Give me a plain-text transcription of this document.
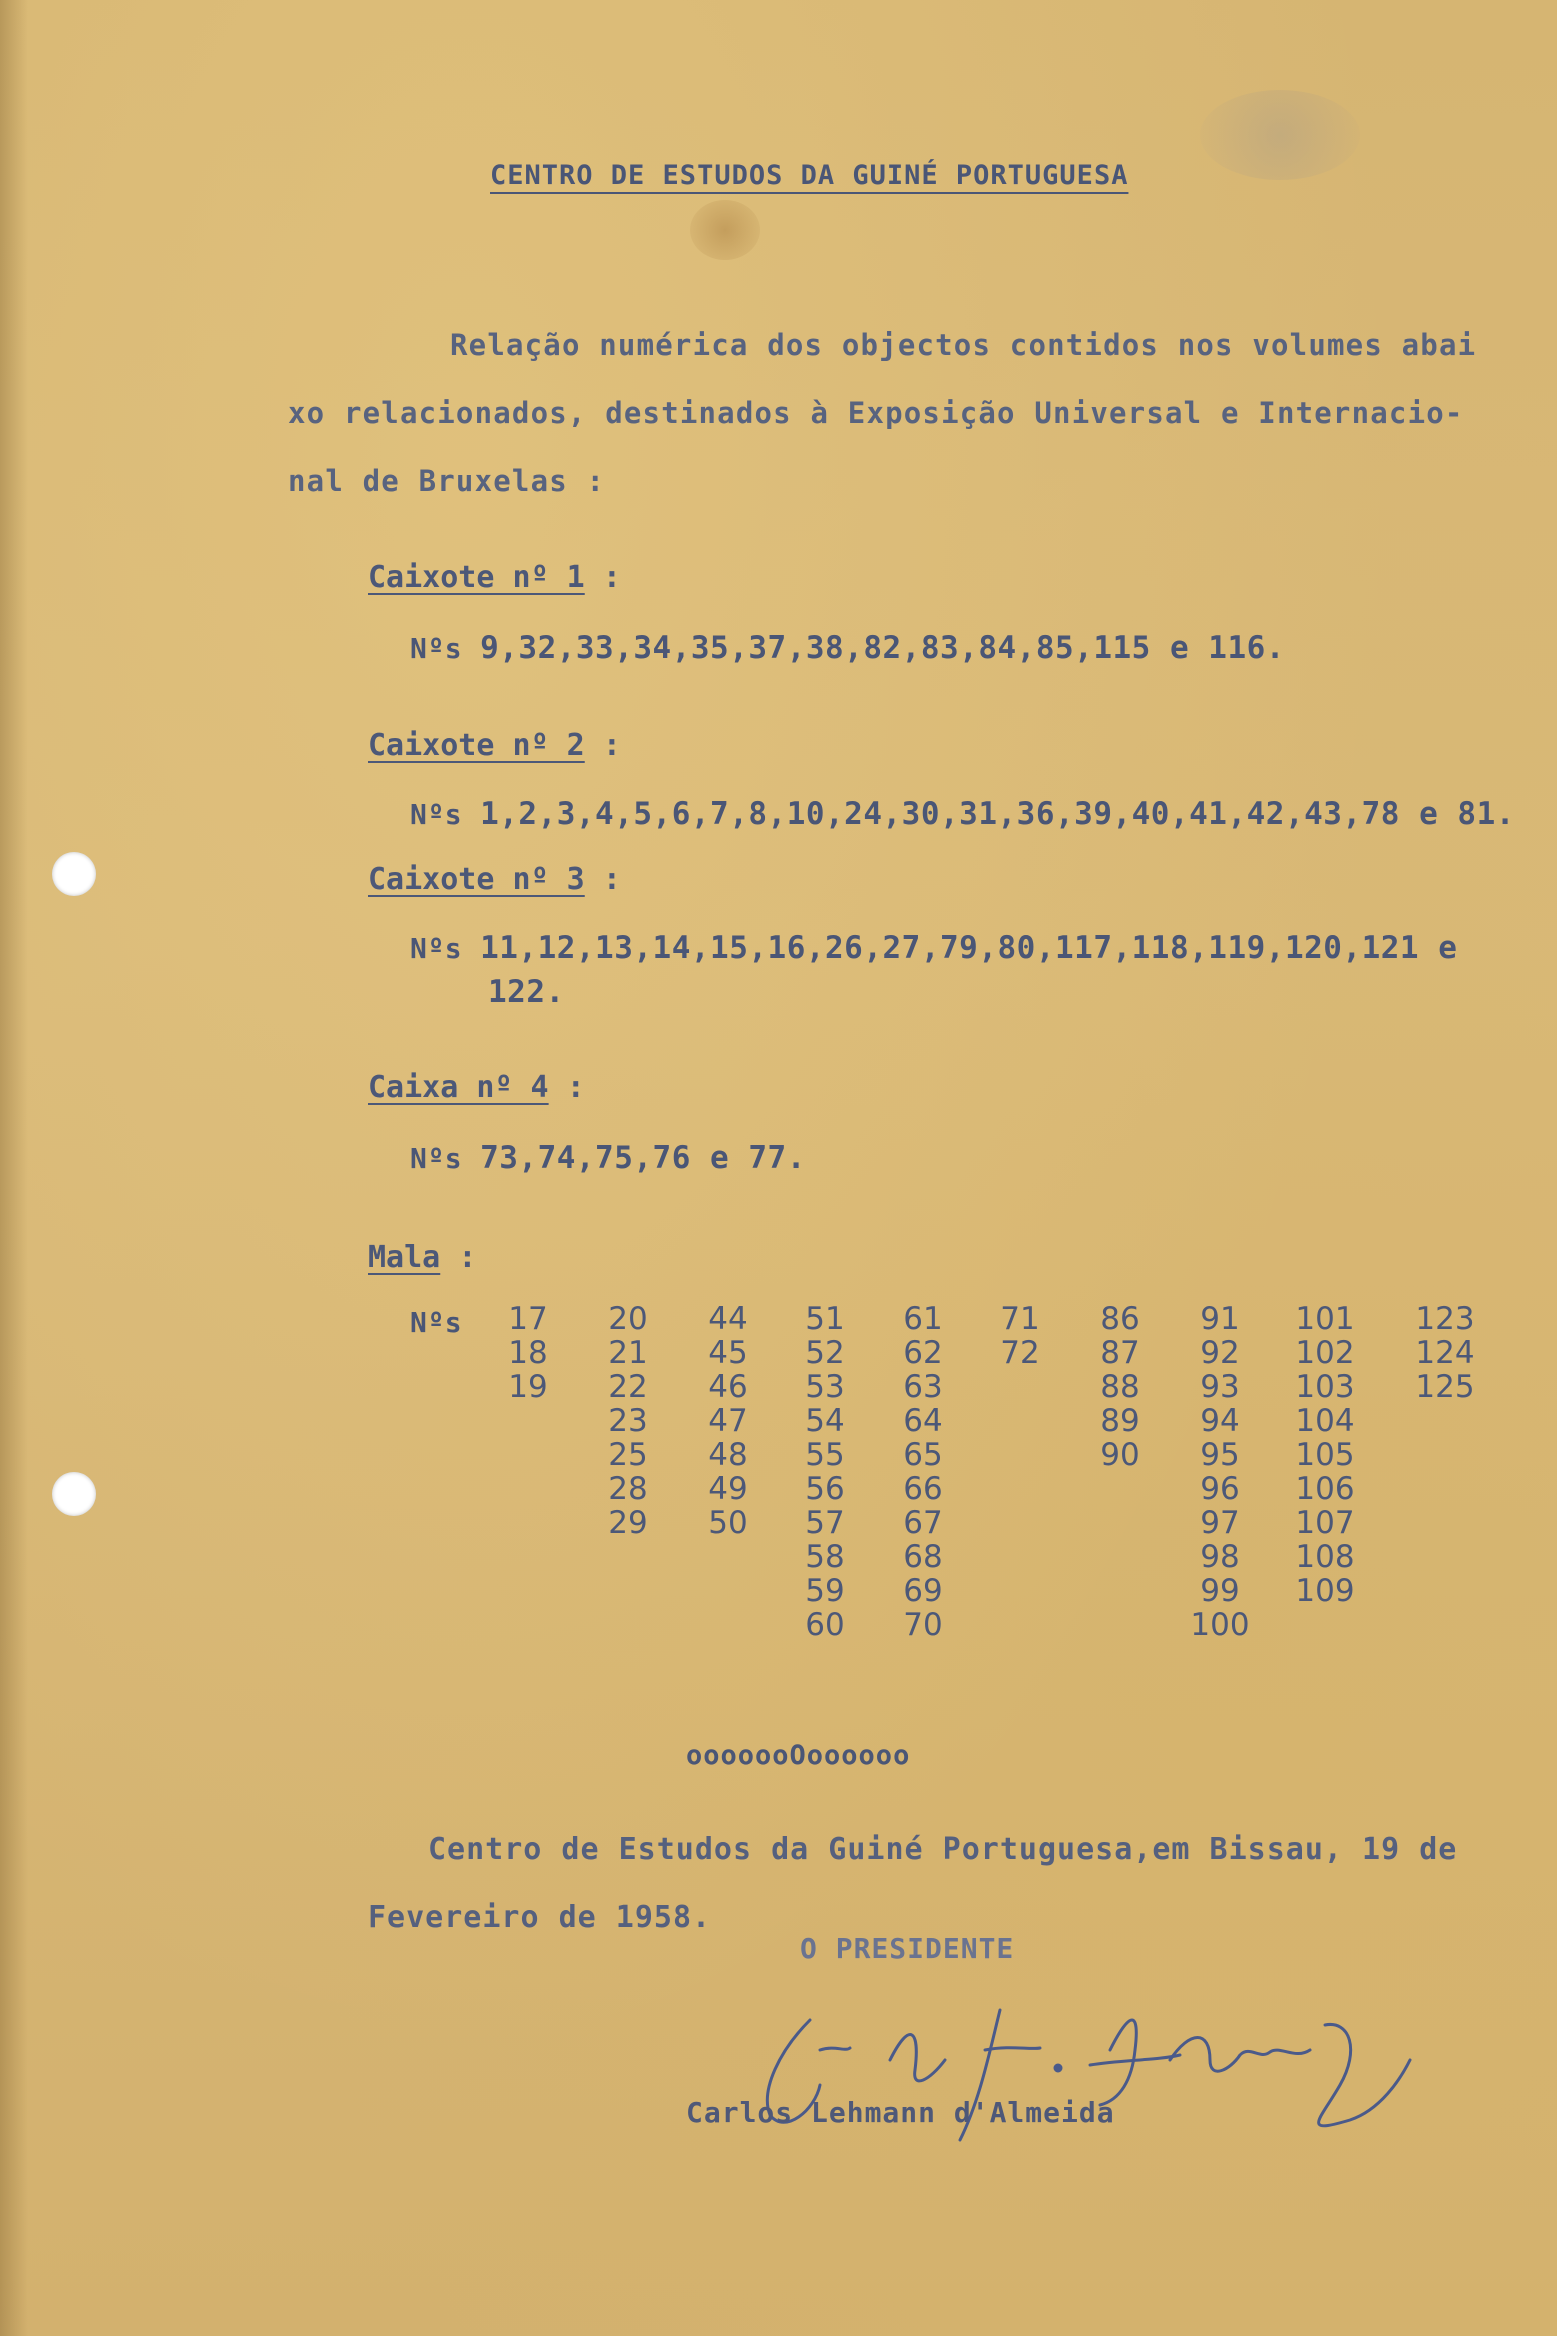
CENTRO DE ESTUDOS DA GUINÉ PORTUGUESA
Relação numérica dos objectos contidos nos volumes abai
xo relacionados, destinados à Exposição Universal e Internacio-
nal de Bruxelas :
Caixote nº 1 :
Nºs 9,32,33,34,35,37,38,82,83,84,85,115 e 116.
Caixote nº 2 :
Nºs 1,2,3,4,5,6,7,8,10,24,30,31,36,39,40,41,42,43,78 e 81.
Caixote nº 3 :
Nºs 11,12,13,14,15,16,26,27,79,80,117,118,119,120,121 e
122.
Caixa nº 4 :
Nºs 73,74,75,76 e 77.
Mala :
Nºs	17
18
19
20
21
22
23
25
28
29
44
45
46
47
48
49
50
51
52
53
54
55
56
57
58
59
60
61
62
63
64
65
66
67
68
69
70
71
72
86
87
88
89
90
91
92
93
94
95
96
97
98
99
100
101
102
103
104
105
106
107
108
109
123
124
125
ooooooOoooooo
Centro de Estudos da Guiné Portuguesa,em Bissau, 19 de
Fevereiro de 1958.
O PRESIDENTE
Carlos Lehmann d'Almeida
